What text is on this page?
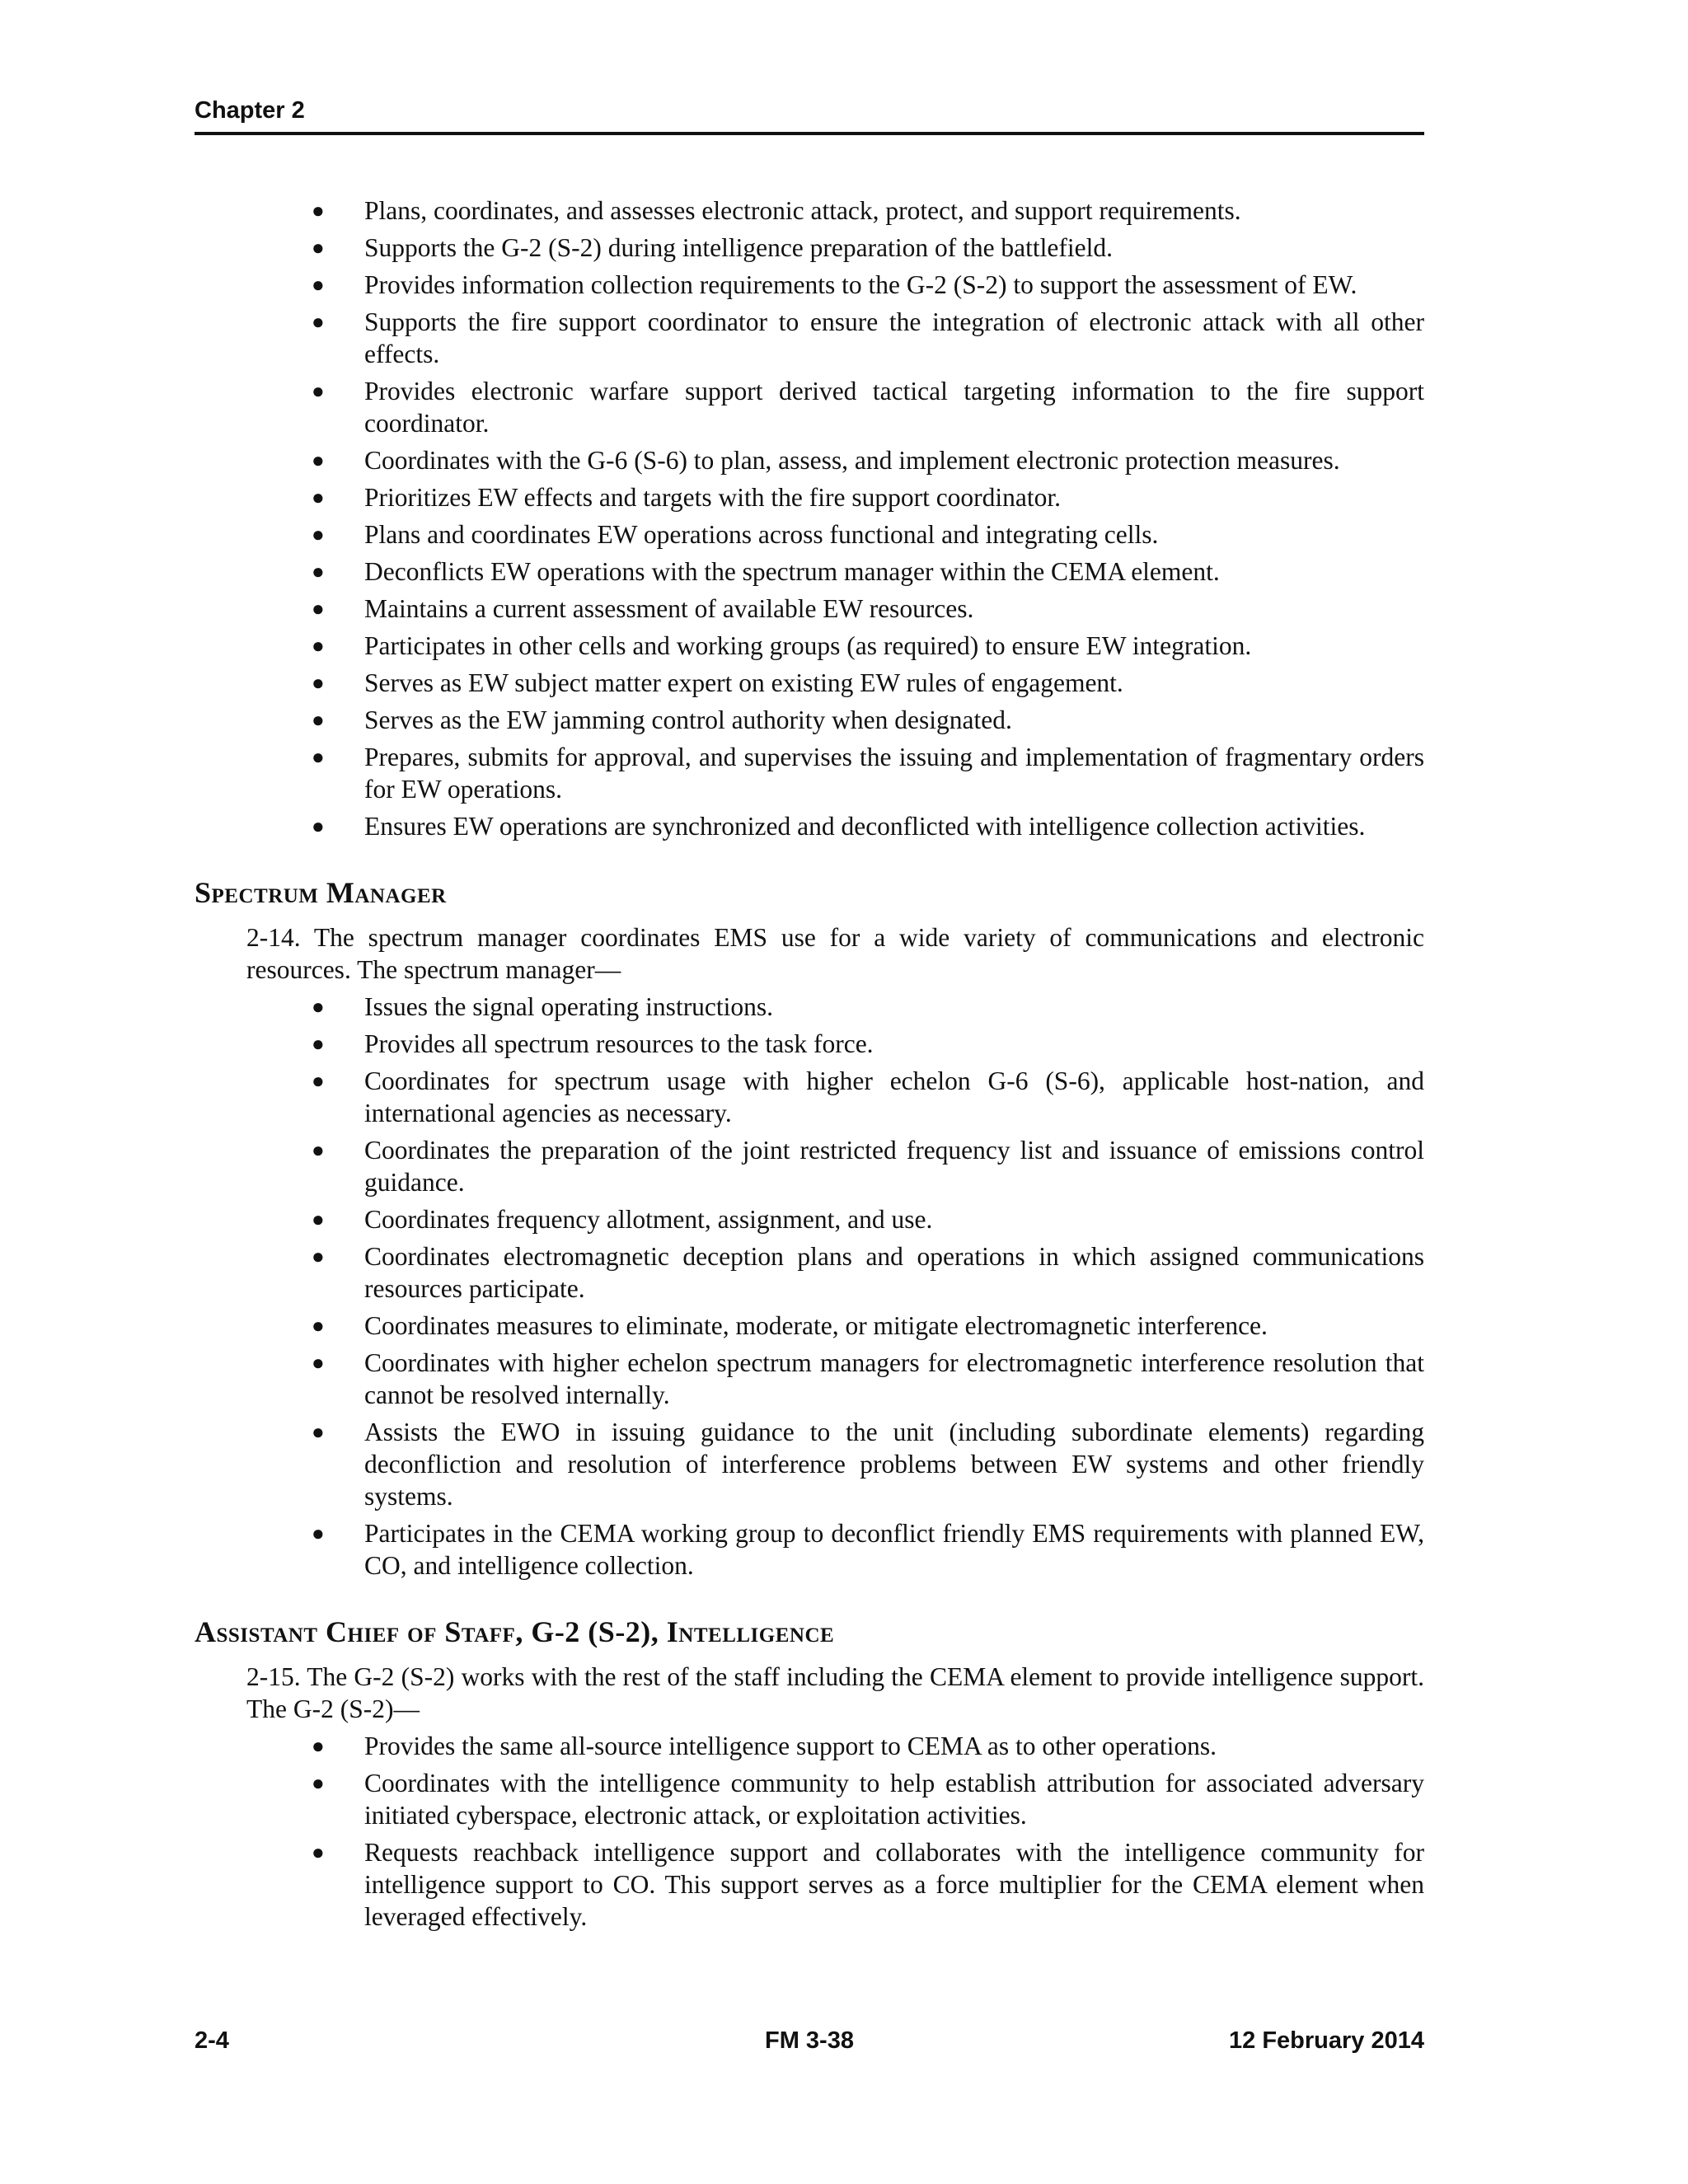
Chapter 2
● Plans, coordinates, and assesses electronic attack, protect, and support requirements.
● Supports the G-2 (S-2) during intelligence preparation of the battlefield.
● Provides information collection requirements to the G-2 (S-2) to support the assessment of EW.
● Supports the fire support coordinator to ensure the integration of electronic attack with all other effects.
● Provides electronic warfare support derived tactical targeting information to the fire support coordinator.
● Coordinates with the G-6 (S-6) to plan, assess, and implement electronic protection measures.
● Prioritizes EW effects and targets with the fire support coordinator.
● Plans and coordinates EW operations across functional and integrating cells.
● Deconflicts EW operations with the spectrum manager within the CEMA element.
● Maintains a current assessment of available EW resources.
● Participates in other cells and working groups (as required) to ensure EW integration.
● Serves as EW subject matter expert on existing EW rules of engagement.
● Serves as the EW jamming control authority when designated.
● Prepares, submits for approval, and supervises the issuing and implementation of fragmentary orders for EW operations.
● Ensures EW operations are synchronized and deconflicted with intelligence collection activities.
Spectrum Manager

2-14. The spectrum manager coordinates EMS use for a wide variety of communications and electronic resources. The spectrum manager—

● Issues the signal operating instructions.
● Provides all spectrum resources to the task force.
● Coordinates for spectrum usage with higher echelon G-6 (S-6), applicable host-nation, and international agencies as necessary.
● Coordinates the preparation of the joint restricted frequency list and issuance of emissions control guidance.
● Coordinates frequency allotment, assignment, and use.
● Coordinates electromagnetic deception plans and operations in which assigned communications resources participate.
● Coordinates measures to eliminate, moderate, or mitigate electromagnetic interference.
● Coordinates with higher echelon spectrum managers for electromagnetic interference resolution that cannot be resolved internally.
● Assists the EWO in issuing guidance to the unit (including subordinate elements) regarding deconfliction and resolution of interference problems between EW systems and other friendly systems.
● Participates in the CEMA working group to deconflict friendly EMS requirements with planned EW, CO, and intelligence collection.
Assistant Chief of Staff, G-2 (S-2), Intelligence

2-15. The G-2 (S-2) works with the rest of the staff including the CEMA element to provide intelligence support. The G-2 (S-2)—

● Provides the same all-source intelligence support to CEMA as to other operations.
● Coordinates with the intelligence community to help establish attribution for associated adversary initiated cyberspace, electronic attack, or exploitation activities.
● Requests reachback intelligence support and collaborates with the intelligence community for intelligence support to CO. This support serves as a force multiplier for the CEMA element when leveraged effectively.
2-4	FM 3-38	12 February 2014
